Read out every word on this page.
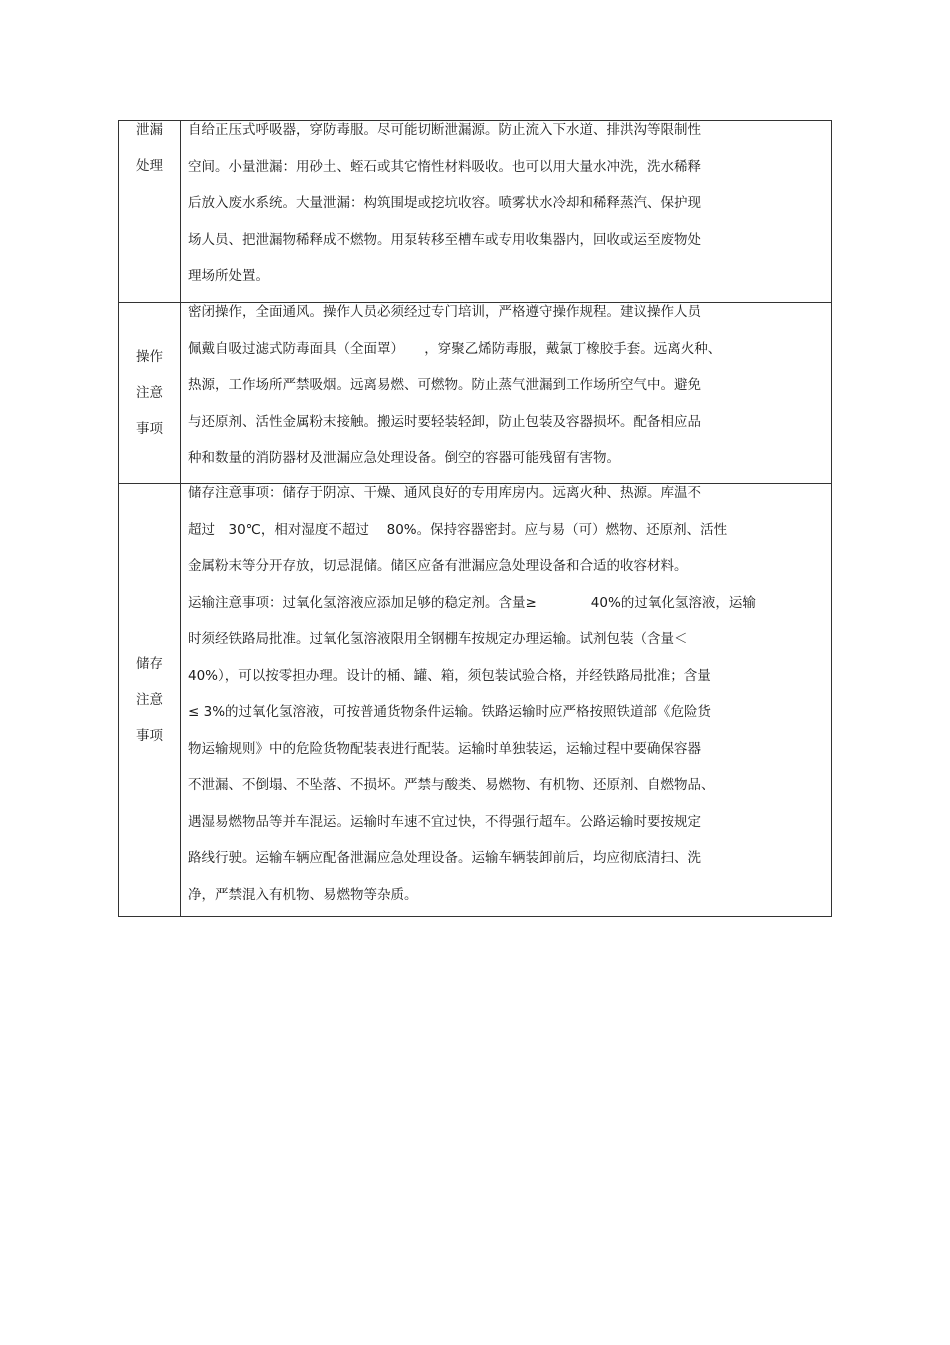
泄漏
处理
自给正压式呼吸器，穿防毒服。尽可能切断泄漏源。防止流入下水道、排洪沟等限制性
空间。小量泄漏：用砂土、蛭石或其它惰性材料吸收。也可以用大量水冲洗，洗水稀释
后放入废水系统。大量泄漏：构筑围堤或挖坑收容。喷雾状水冷却和稀释蒸汽、保护现
场人员、把泄漏物稀释成不燃物。用泵转移至槽车或专用收集器内，回收或运至废物处
理场所处置。
操作
注意
事项
密闭操作，全面通风。操作人员必须经过专门培训，严格遵守操作规程。建议操作人员
佩戴自吸过滤式防毒面具（全面罩）　　，穿聚乙烯防毒服，戴氯丁橡胶手套。远离火种、
热源，工作场所严禁吸烟。远离易燃、可燃物。防止蒸气泄漏到工作场所空气中。避免
与还原剂、活性金属粉末接触。搬运时要轻装轻卸，防止包装及容器损坏。配备相应品
种和数量的消防器材及泄漏应急处理设备。倒空的容器可能残留有害物。
储存
注意
事项
储存注意事项：储存于阴凉、干燥、通风良好的专用库房内。远离火种、热源。库温不
超过　30℃，相对湿度不超过　 80%。保持容器密封。应与易（可）燃物、还原剂、活性
金属粉末等分开存放，切忌混储。储区应备有泄漏应急处理设备和合适的收容材料。
运输注意事项：过氧化氢溶液应添加足够的稳定剂。含量≥　　　　40%的过氧化氢溶液，运输
时须经铁路局批准。过氧化氢溶液限用全钢棚车按规定办理运输。试剂包装（含量＜
40%），可以按零担办理。设计的桶、罐、箱，须包装试验合格，并经铁路局批准；含量
≤ 3%的过氧化氢溶液，可按普通货物条件运输。铁路运输时应严格按照铁道部《危险货
物运输规则》中的危险货物配装表进行配装。运输时单独装运，运输过程中要确保容器
不泄漏、不倒塌、不坠落、不损坏。严禁与酸类、易燃物、有机物、还原剂、自燃物品、
遇湿易燃物品等并车混运。运输时车速不宜过快，不得强行超车。公路运输时要按规定
路线行驶。运输车辆应配备泄漏应急处理设备。运输车辆装卸前后，均应彻底清扫、洗
净，严禁混入有机物、易燃物等杂质。
